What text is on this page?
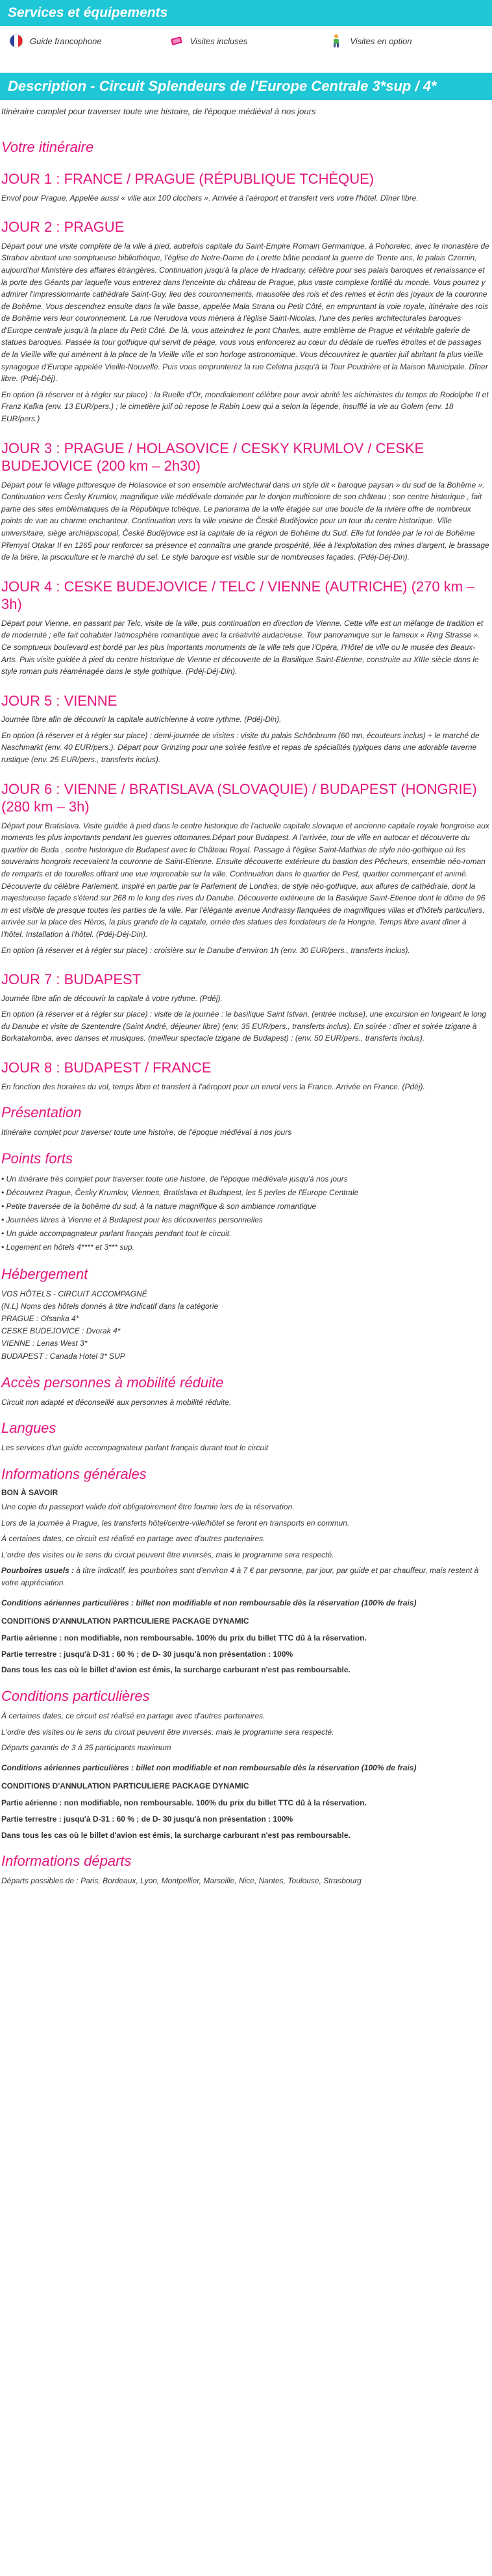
Services et équipements
Guide francophone	Visites incluses	Visites en option
Description - Circuit Splendeurs de l'Europe Centrale 3*sup / 4*

Itinéraire complet pour traverser toute une histoire, de l'époque médiéval à nos jours

Votre itinéraire
JOUR 1 : FRANCE / PRAGUE (RÉPUBLIQUE TCHÈQUE)

Envol pour Prague. Appelée aussi « ville aux 100 clochers ». Arrivée à l'aéroport et transfert vers votre l'hôtel. Dîner libre.

JOUR 2 : PRAGUE

Départ pour une visite complète de la ville à pied, autrefois capitale du Saint-Empire Romain Germanique, à Pohorelec, avec le monastère de Strahov abritant une somptueuse bibliothèque, l'église de Notre-Dame de Lorette bâtie pendant la guerre de Trente ans, le palais Czernin, aujourd'hui Ministère des affaires étrangères. Continuation jusqu'à la place de Hradcany, célèbre pour ses palais baroques et renaissance et la porte des Géants par laquelle vous entrerez dans l'enceinte du château de Prague, plus vaste complexe fortifié du monde. Vous pourrez y admirer l'impressionnante cathédrale Saint-Guy, lieu des couronnements, mausolée des rois et des reines et écrin des joyaux de la couronne de Bohême. Vous descendrez ensuite dans la ville basse, appelée Mala Strana ou Petit Côté, en empruntant la voie royale, itinéraire des rois de Bohême vers leur couronnement. La rue Nerudova vous mènera à l'église Saint-Nicolas, l'une des perles architecturales baroques d'Europe centrale jusqu'à la place du Petit Côté. De là, vous atteindrez le pont Charles, autre emblème de Prague et véritable galerie de statues baroques. Passée la tour gothique qui servit de péage, vous vous enfoncerez au cœur du dédale de ruelles étroites et de passages de la Vieille ville qui amènent à la place de la Vieille ville et son horloge astronomique. Vous découvrirez le quartier juif abritant la plus vieille synagogue d'Europe appelée Vieille-Nouvelle. Puis vous emprunterez la rue Celetna jusqu'à la Tour Poudrière et la Maison Municipale. Dîner libre. (Pdéj-Déj).

En option (à réserver et à régler sur place) : la Ruelle d'Or, mondialement célèbre pour avoir abrité les alchimistes du temps de Rodolphe II et Franz Kafka (env. 13 EUR/pers.) ; le cimetière juif où repose le Rabin Loew qui a selon la légende, insufflé la vie au Golem (env. 18 EUR/pers.)

JOUR 3 : PRAGUE / HOLASOVICE / CESKY KRUMLOV / CESKE BUDEJOVICE (200 km – 2h30)

Départ pour le village pittoresque de Holasovice et son ensemble architectural dans un style dit « baroque paysan » du sud de la Bohême ». Continuation vers Česky Krumlov, magnifique ville médiévale dominée par le donjon multicolore de son château ; son centre historique , fait partie des sites emblématiques de la République tchèque. Le panorama de la ville étagée sur une boucle de la rivière offre de nombreux points de vue au charme enchanteur. Continuation vers la ville voisine de České Budějovice pour un tour du centre historique. Ville universitaire, siège archiépiscopal, České Budějovice est la capitale de la région de Bohême du Sud. Elle fut fondée par le roi de Bohême Přemysl Otakar II en 1265 pour renforcer sa présence et connaîtra une grande prospérité, liée à l'exploitation des mines d'argent, le brassage de la bière, la pisciculture et le marché du sel. Le style baroque est visible sur de nombreuses façades. (Pdéj-Déj-Din).

JOUR 4 : CESKE BUDEJOVICE / TELC / VIENNE (AUTRICHE) (270 km – 3h)

Départ pour Vienne, en passant par Telc, visite de la ville, puis continuation en direction de Vienne. Cette ville est un mélange de tradition et de modernité ; elle fait cohabiter l'atmosphère romantique avec la créativité audacieuse. Tour panoramique sur le fameux « Ring Strasse ». Ce somptueux boulevard est bordé par les plus importants monuments de la ville tels que l'Opéra, l'Hôtel de ville ou le musée des Beaux-Arts. Puis visite guidée à pied du centre historique de Vienne et découverte de la Basilique Saint-Etienne, construite au XIIIe siècle dans le style roman puis réaménagée dans le style gothique. (Pdéj-Déj-Din).

JOUR 5 : VIENNE

Journée libre afin de découvrir la capitale autrichienne à votre rythme. (Pdéj-Din).

En option (à réserver et à régler sur place) : demi-journée de visites : visite du palais Schönbrunn (60 mn, écouteurs inclus) + le marché de Naschmarkt (env. 40 EUR/pers.). Départ pour Grinzing pour une soirée festive et repas de spécialités typiques dans une adorable taverne rustique (env. 25 EUR/pers., transferts inclus).

JOUR 6 : VIENNE / BRATISLAVA (SLOVAQUIE) / BUDAPEST (HONGRIE) (280 km – 3h)

Départ pour Bratislava. Visite guidée à pied dans le centre historique de l'actuelle capitale slovaque et ancienne capitale royale hongroise aux moments les plus importants pendant les guerres ottomanes.Départ pour Budapest. A l'arrivée, tour de ville en autocar et découverte du quartier de Buda , centre historique de Budapest avec le Château Royal. Passage à l'église Saint-Mathias de style néo-gothique où les souverains hongrois recevaient la couronne de Saint-Etienne. Ensuite découverte extérieure du bastion des Pêcheurs, ensemble néo-roman de remparts et de tourelles offrant une vue imprenable sur la ville. Continuation dans le quartier de Pest, quartier commerçant et animé. Découverte du célèbre Parlement, inspiré en partie par le Parlement de Londres, de style néo-gothique, aux allures de cathédrale, dont la majestueuse façade s'étend sur 268 m le long des rives du Danube. Découverte extérieure de la Basilique Saint-Etienne dont le dôme de 96 m est visible de presque toutes les parties de la ville. Par l'élégante avenue Andrassy flanquées de magnifiques villas et d'hôtels particuliers, arrivée sur la place des Héros, la plus grande de la capitale, ornée des statues des fondateurs de la Hongrie. Temps libre avant dîner à l'hôtel. Installation à l'hôtel. (Pdéj-Déj-Din).

En option (à réserver et à régler sur place) : croisière sur le Danube d'environ 1h (env. 30 EUR/pers., transferts inclus).

JOUR 7 : BUDAPEST

Journée libre afin de découvrir la capitale à votre rythme. (Pdéj).

En option (à réserver et à régler sur place) : visite de la journée : le basilique Saint Istvan, (entrée incluse), une excursion en longeant le long du Danube et visite de Szentendre (Saint André, déjeuner libre) (env. 35 EUR/pers., transferts inclus). En soirée : dîner et soirée tzigane à Borkatakomba, avec danses et musiques. (meilleur spectacle tzigane de Budapest) : (env. 50 EUR/pers., transferts inclus).

JOUR 8 : BUDAPEST / FRANCE

En fonction des horaires du vol, temps libre et transfert à l'aéroport pour un envol vers la France. Arrivée en France. (Pdéj).

Présentation

Itinéraire complet pour traverser toute une histoire, de l'époque médiéval à nos jours

Points forts
• Un itinéraire très complet pour traverser toute une histoire, de l'époque médiévale jusqu'à nos jours
• Découvrez Prague, Česky Krumlov, Viennes, Bratislava et Budapest, les 5 perles de l'Europe Centrale
• Petite traversée de la bohême du sud, à la nature magnifique & son ambiance romantique
• Journées libres à Vienne et à Budapest pour les découvertes personnelles
• Un guide accompagnateur parlant français pendant tout le circuit.
• Logement en hôtels 4**** et 3*** sup.
Hébergement
VOS HÔTELS - CIRCUIT ACCOMPAGNÉ
(N.L) Noms des hôtels donnés à titre indicatif dans la catégorie
PRAGUE : Olsanka 4*
CESKE BUDEJOVICE : Dvorak 4*
VIENNE : Lenas West 3*
BUDAPEST : Canada Hotel 3* SUP
Accès personnes à mobilité réduite

Circuit non adapté et déconseillé aux personnes à mobilité réduite.

Langues

Les services d'un guide accompagnateur parlant français durant tout le circuit

Informations générales
BON À SAVOIR

Une copie du passeport valide doit obligatoirement être fournie lors de la réservation.

Lors de la journée à Prague, les transferts hôtel/centre-ville/hôtel se feront en transports en commun.

À certaines dates, ce circuit est réalisé en partage avec d'autres partenaires.

L'ordre des visites ou le sens du circuit peuvent être inversés, mais le programme sera respecté.

Pourboires usuels : à titre indicatif, les pourboires sont d'environ 4 à 7 € par personne, par jour, par guide et par chauffeur, mais restent à votre appréciation.

Conditions aériennes particulières : billet non modifiable et non remboursable dès la réservation (100% de frais)
CONDITIONS D'ANNULATION PARTICULIERE PACKAGE DYNAMIC

Partie aérienne : non modifiable, non remboursable. 100% du prix du billet TTC dû à la réservation.

Partie terrestre : jusqu'à D-31 : 60 % ; de D- 30 jusqu'à non présentation : 100%

Dans tous les cas où le billet d'avion est émis, la surcharge carburant n'est pas remboursable.

Conditions particulières

À certaines dates, ce circuit est réalisé en partage avec d'autres partenaires.

L'ordre des visites ou le sens du circuit peuvent être inversés, mais le programme sera respecté.

Départs garantis de 3 à 35 participants maximum

Conditions aériennes particulières : billet non modifiable et non remboursable dès la réservation (100% de frais)
CONDITIONS D'ANNULATION PARTICULIERE PACKAGE DYNAMIC

Partie aérienne : non modifiable, non remboursable. 100% du prix du billet TTC dû à la réservation.

Partie terrestre : jusqu'à D-31 : 60 % ; de D- 30 jusqu'à non présentation : 100%

Dans tous les cas où le billet d'avion est émis, la surcharge carburant n'est pas remboursable.

Informations départs

Départs possibles de : Paris, Bordeaux, Lyon, Montpellier, Marseille, Nice, Nantes, Toulouse, Strasbourg
